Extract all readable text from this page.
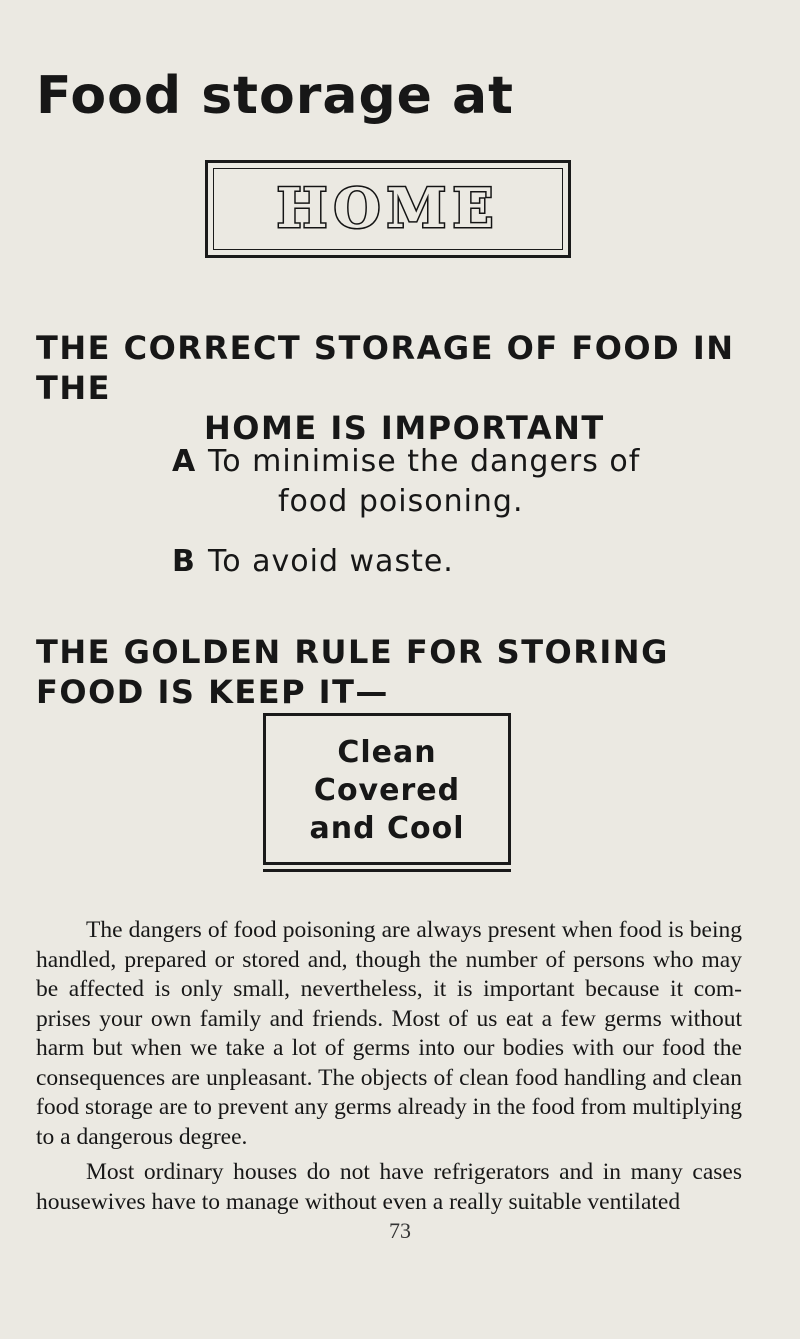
Food storage at
HOME
THE CORRECT STORAGE OF FOOD IN THE
HOME IS IMPORTANT

A To minimise the dangers of
food poisoning.

B To avoid waste.

THE GOLDEN RULE FOR STORING FOOD IS KEEP IT—
Clean
Covered
and Cool

The dangers of food poisoning are always present when food is being handled, prepared or stored and, though the number of persons who may be affected is only small, nevertheless, it is important because it com- prises your own family and friends. Most of us eat a few germs without harm but when we take a lot of germs into our bodies with our food the consequences are unpleasant. The objects of clean food handling and clean food storage are to prevent any germs already in the food from multiplying to a dangerous degree.

Most ordinary houses do not have refrigerators and in many cases housewives have to manage without even a really suitable ventilated

73
